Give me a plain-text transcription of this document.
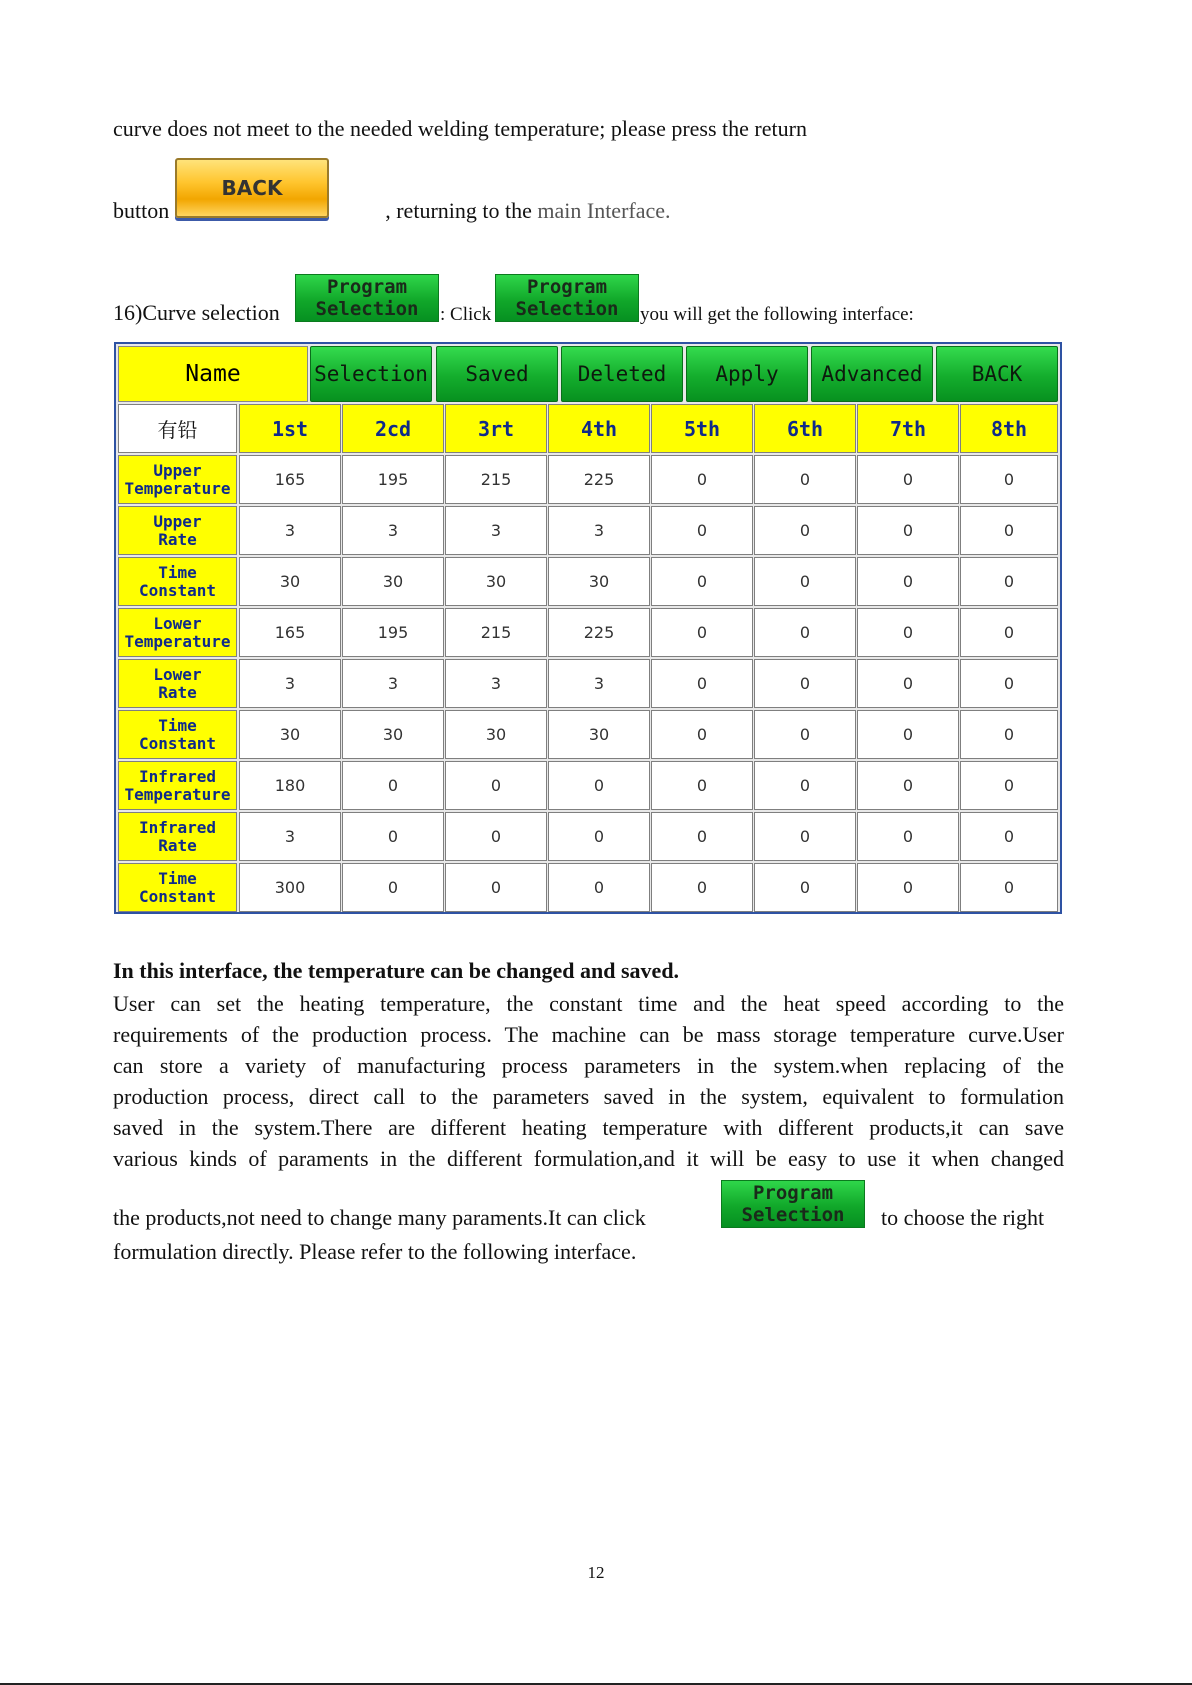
curve does not meet to the needed welding temperature; please press the return
button	, returning to the main Interface.
BACK
16)Curve selection
Program
Selection	: Click
Program
Selection	you will get the following interface:
Name	Selection	Saved	Deleted	Apply	Advanced	BACK
有铅	1st	2cd	3rt	4th	5th	6th	7th	8th
Upper
Temperature	165	195	215	225	0	0	0	0
Upper
Rate	3	3	3	3	0	0	0	0
Time
Constant	30	30	30	30	0	0	0	0
Lower
Temperature	165	195	215	225	0	0	0	0
Lower
Rate	3	3	3	3	0	0	0	0
Time
Constant	30	30	30	30	0	0	0	0
Infrared
Temperature	180	0	0	0	0	0	0	0
Infrared
Rate	3	0	0	0	0	0	0	0
Time
Constant	300	0	0	0	0	0	0	0
In this interface, the temperature can be changed and saved.
User can set the heating temperature, the constant time and the heat speed according to the
requirements of the production process. The machine can be mass storage temperature curve.User
can store a variety of manufacturing process parameters in the system.when replacing of the
production process, direct call to the parameters saved in the system, equivalent to formulation
saved in the system.There are different heating temperature with different products,it can save
various kinds of paraments in the different formulation,and it will be easy to use it when changed
the products,not need to change many paraments.It can click
Program
Selection	to choose the right
formulation directly. Please refer to the following interface.
12
